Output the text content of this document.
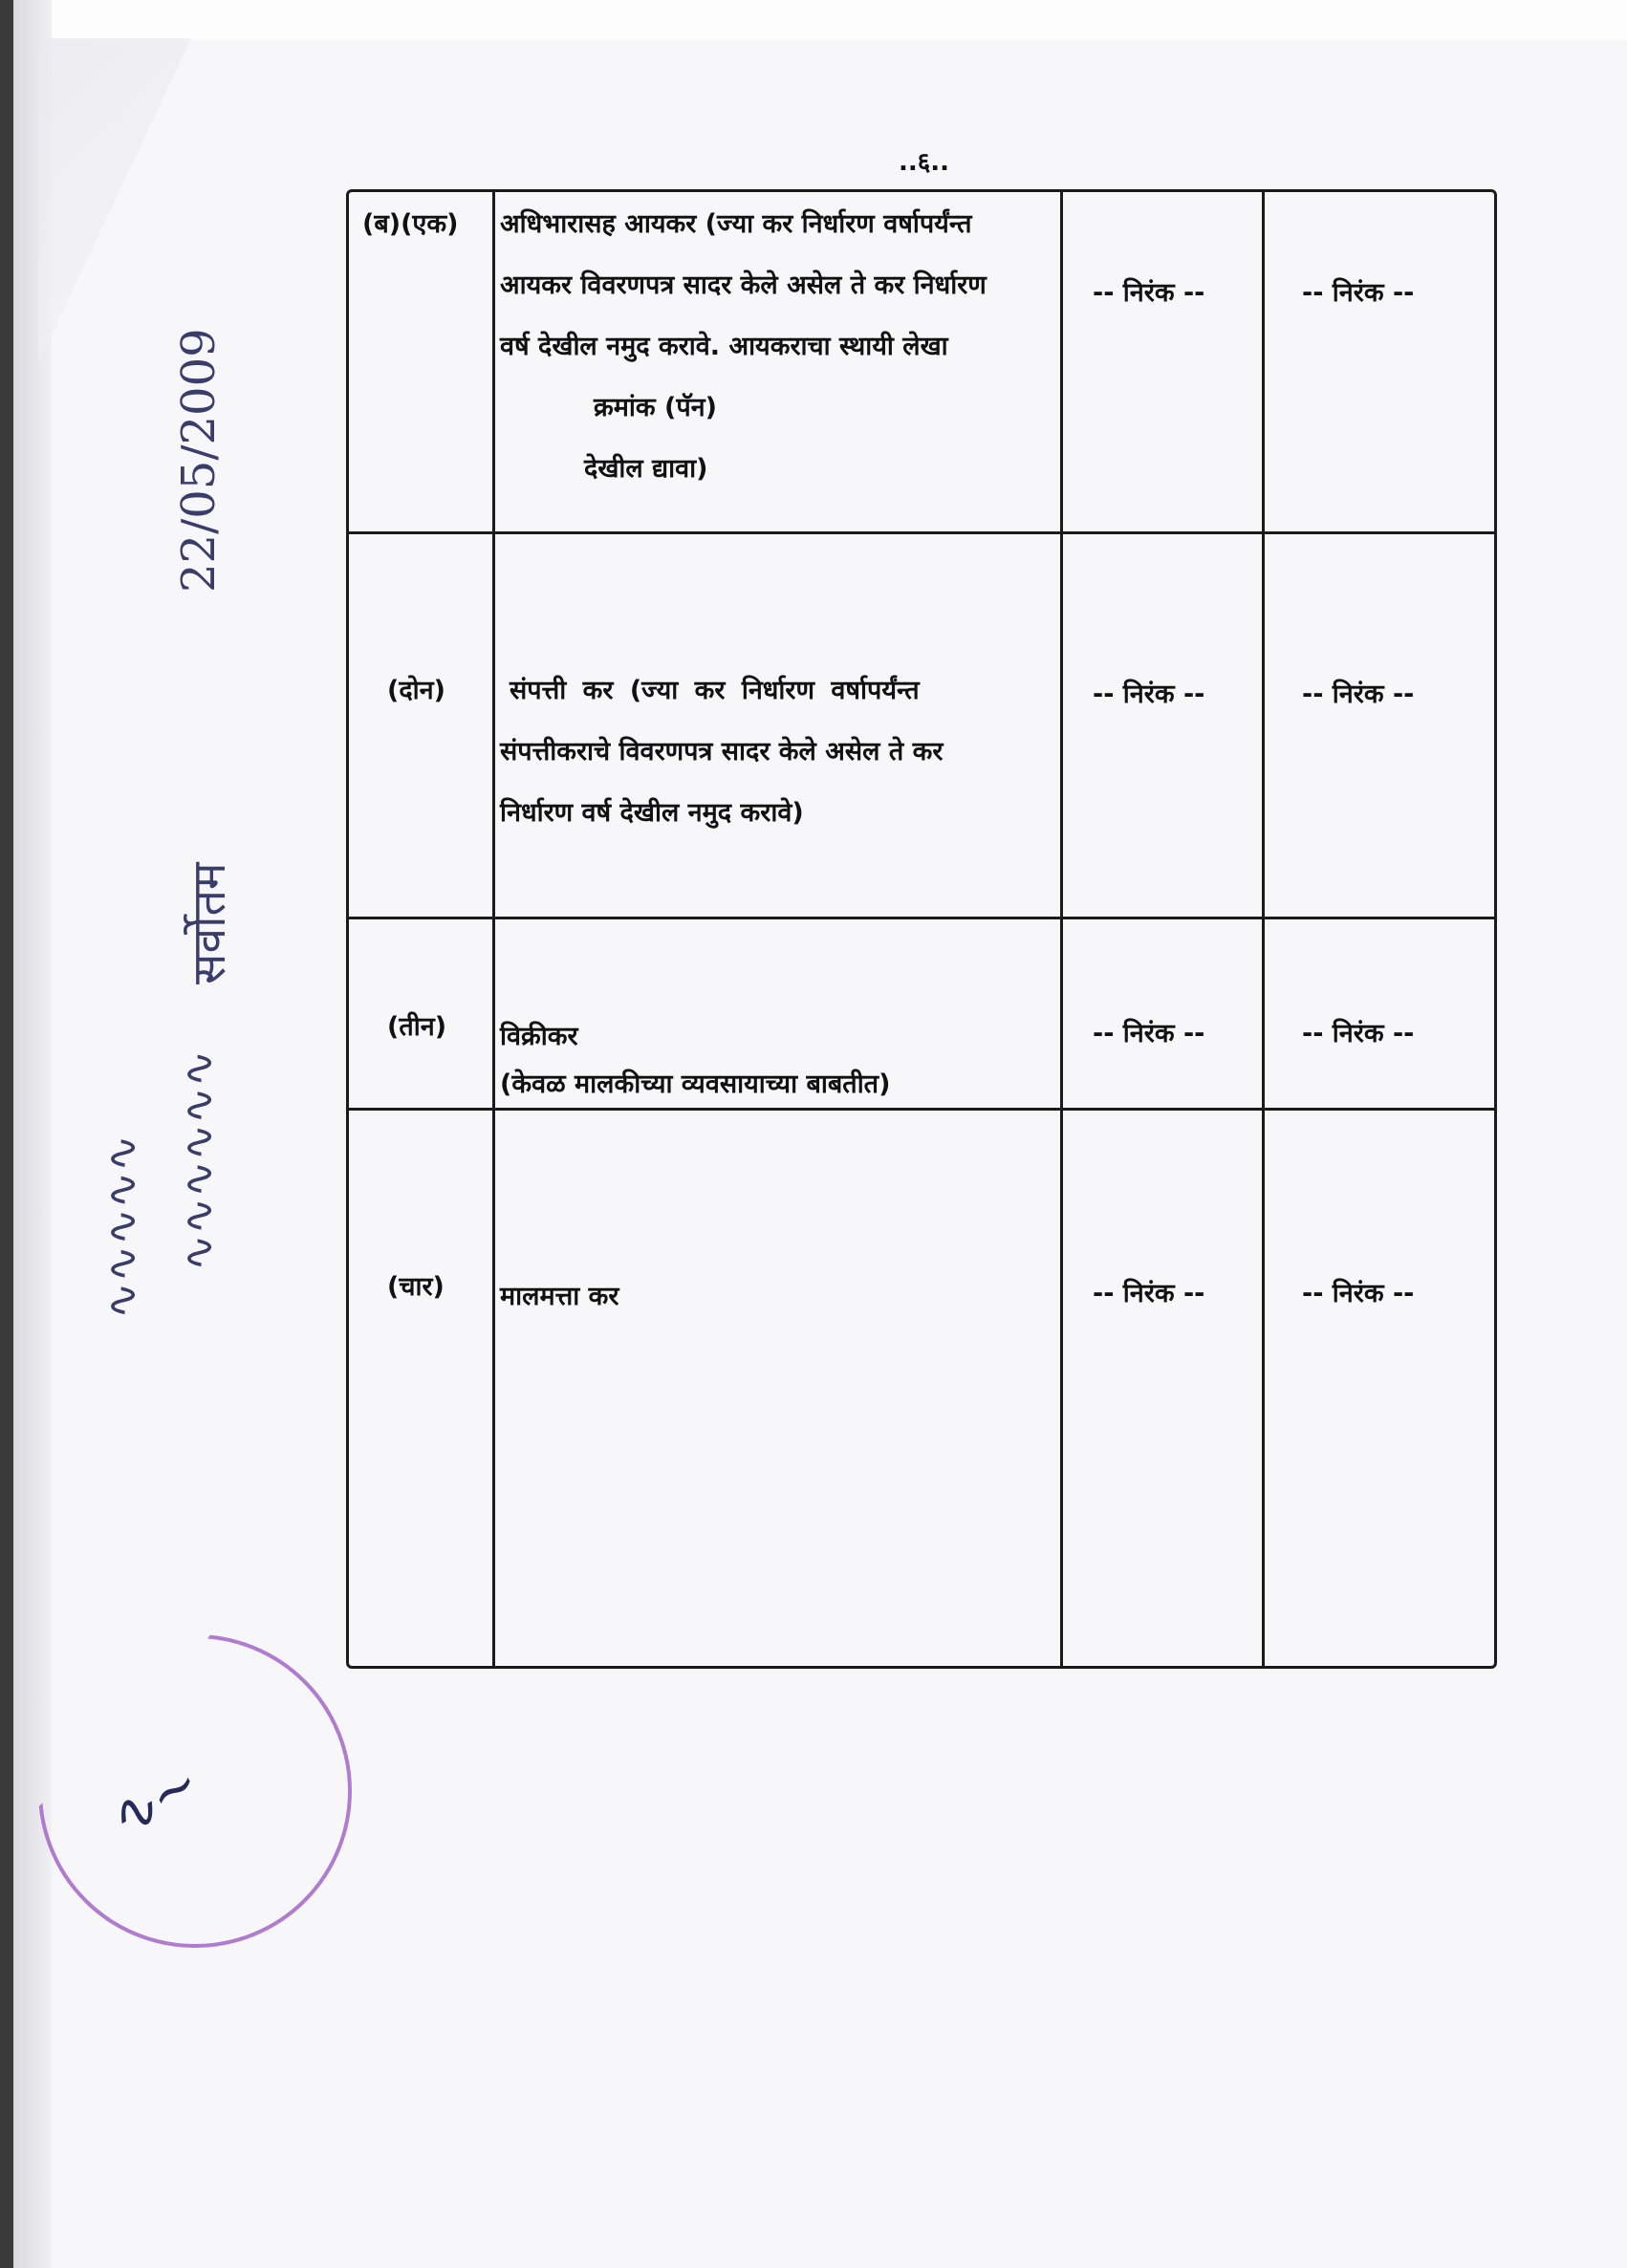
..६..
22/05/2009
सर्वोतम
∿∿∿∿∿ ∿∿∿∿∿∿
∿∼
(ब)(एक) अधिभारासह आयकर (ज्या कर निर्धारण वर्षापर्यंन्त
आयकर विवरणपत्र सादर केले असेल ते कर निर्धारण
वर्ष देखील नमुद करावे. आयकराचा स्थायी लेखा
क्रमांक (पॅन)
देखील द्यावा)
-- निरंक --	-- निरंक --
(दोन) संपत्ती कर (ज्या कर निर्धारण वर्षापर्यंन्त
संपत्तीकराचे विवरणपत्र सादर केले असेल ते कर
निर्धारण वर्ष देखील नमुद करावे)
-- निरंक --	-- निरंक --
(तीन) विक्रीकर
(केवळ मालकीच्या व्यवसायाच्या बाबतीत)
-- निरंक --	-- निरंक --
(चार) मालमत्ता कर	-- निरंक --	-- निरंक --
